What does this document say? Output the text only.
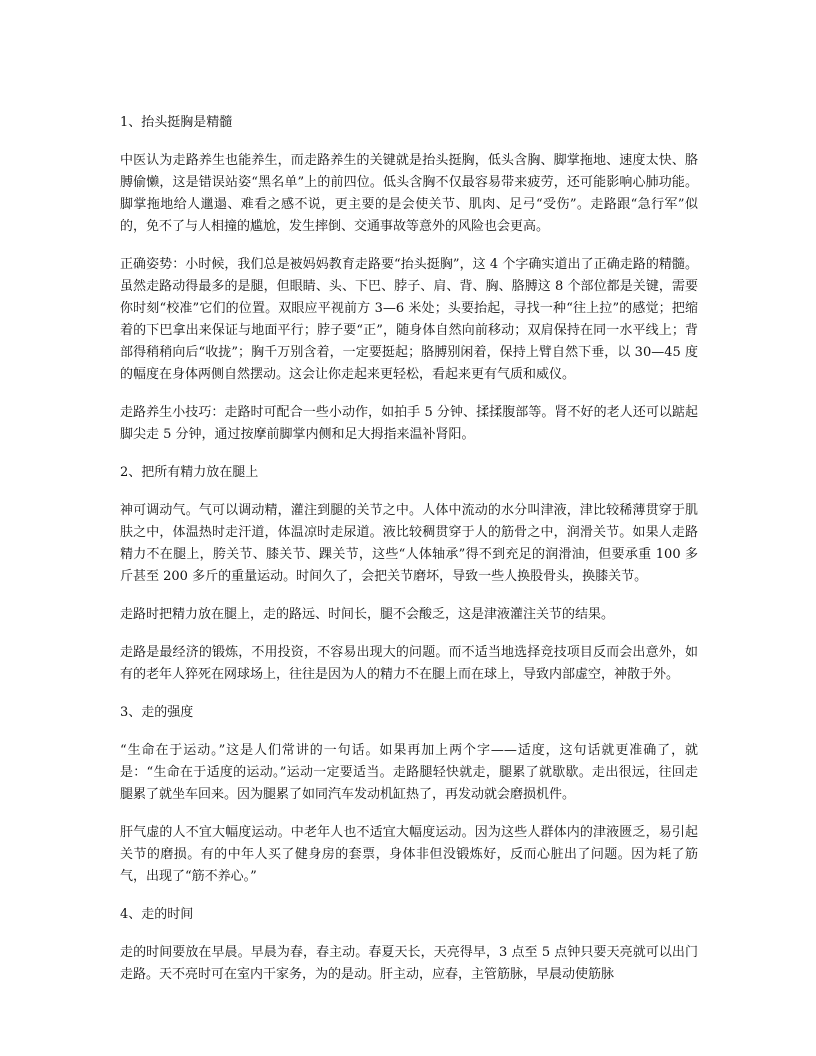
1、抬头挺胸是精髓
中医认为走路养生也能养生，而走路养生的关键就是抬头挺胸，低头含胸、脚掌拖地、速度太快、胳膊偷懒，这是错误站姿“黑名单”上的前四位。低头含胸不仅最容易带来疲劳，还可能影响心肺功能。脚掌拖地给人邋遢、难看之感不说，更主要的是会使关节、肌肉、足弓“受伤”。走路跟“急行军”似的，免不了与人相撞的尴尬，发生摔倒、交通事故等意外的风险也会更高。
正确姿势：小时候，我们总是被妈妈教育走路要“抬头挺胸”，这 4 个字确实道出了正确走路的精髓。虽然走路动得最多的是腿，但眼睛、头、下巴、脖子、肩、背、胸、胳膊这 8 个部位都是关键，需要你时刻“校准”它们的位置。双眼应平视前方 3—6 米处；头要抬起，寻找一种“往上拉”的感觉；把缩着的下巴拿出来保证与地面平行；脖子要“正”，随身体自然向前移动；双肩保持在同一水平线上；背部得稍稍向后“收拢”；胸千万别含着，一定要挺起；胳膊别闲着，保持上臂自然下垂，以 30—45 度的幅度在身体两侧自然摆动。这会让你走起来更轻松，看起来更有气质和威仪。
走路养生小技巧：走路时可配合一些小动作，如拍手 5 分钟、揉揉腹部等。肾不好的老人还可以踮起脚尖走 5 分钟，通过按摩前脚掌内侧和足大拇指来温补肾阳。
2、把所有精力放在腿上
神可调动气。气可以调动精，灌注到腿的关节之中。人体中流动的水分叫津液，津比较稀薄贯穿于肌肤之中，体温热时走汗道，体温凉时走尿道。液比较稠贯穿于人的筋骨之中，润滑关节。如果人走路精力不在腿上，胯关节、膝关节、踝关节，这些“人体轴承”得不到充足的润滑油，但要承重 100 多斤甚至 200 多斤的重量运动。时间久了，会把关节磨坏，导致一些人换股骨头，换膝关节。
走路时把精力放在腿上，走的路远、时间长，腿不会酸乏，这是津液灌注关节的结果。
走路是最经济的锻炼，不用投资，不容易出现大的问题。而不适当地选择竞技项目反而会出意外，如有的老年人猝死在网球场上，往往是因为人的精力不在腿上而在球上，导致内部虚空，神散于外。
3、走的强度
“生命在于运动。”这是人们常讲的一句话。如果再加上两个字——适度，这句话就更准确了，就是：“生命在于适度的运动。”运动一定要适当。走路腿轻快就走，腿累了就歇歇。走出很远，往回走腿累了就坐车回来。因为腿累了如同汽车发动机缸热了，再发动就会磨损机件。
肝气虚的人不宜大幅度运动。中老年人也不适宜大幅度运动。因为这些人群体内的津液匮乏，易引起关节的磨损。有的中年人买了健身房的套票，身体非但没锻炼好，反而心脏出了问题。因为耗了筋气，出现了“筋不养心。”
4、走的时间
走的时间要放在早晨。早晨为春，春主动。春夏天长，天亮得早，3 点至 5 点钟只要天亮就可以出门走路。天不亮时可在室内干家务，为的是动。肝主动，应春，主管筋脉，早晨动使筋脉
